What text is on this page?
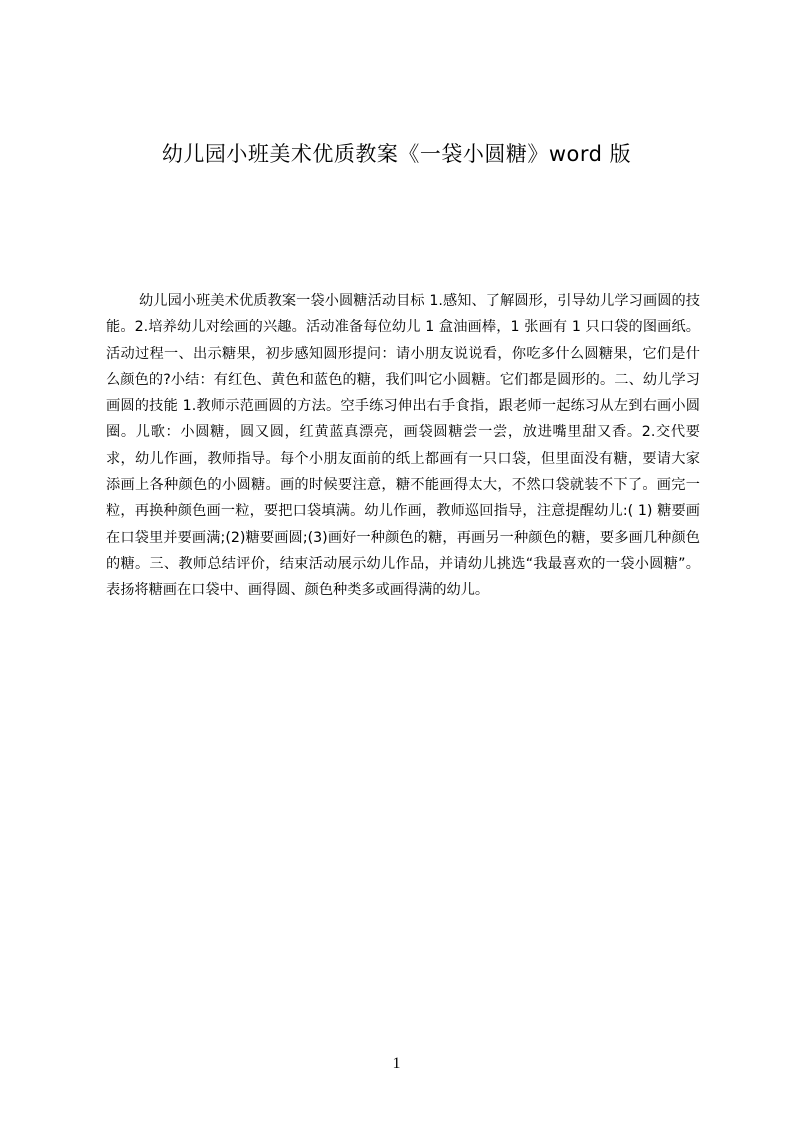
幼儿园小班美术优质教案《一袋小圆糖》word 版

幼儿园小班美术优质教案一袋小圆糖活动目标 1.感知、了解圆形，引导幼儿学习画圆的技能。2.培养幼儿对绘画的兴趣。活动准备每位幼儿 1 盒油画棒，1 张画有 1 只口袋的图画纸。活动过程一、出示糖果，初步感知圆形提问：请小朋友说说看，你吃多什么圆糖果，它们是什么颜色的?小结：有红色、黄色和蓝色的糖，我们叫它小圆糖。它们都是圆形的。二、幼儿学习画圆的技能 1.教师示范画圆的方法。空手练习伸出右手食指，跟老师一起练习从左到右画小圆圈。儿歌：小圆糖，圆又圆，红黄蓝真漂亮，画袋圆糖尝一尝，放进嘴里甜又香。2.交代要求，幼儿作画，教师指导。每个小朋友面前的纸上都画有一只口袋，但里面没有糖，要请大家添画上各种颜色的小圆糖。画的时候要注意，糖不能画得太大，不然口袋就装不下了。画完一粒，再换种颜色画一粒，要把口袋填满。幼儿作画，教师巡回指导，注意提醒幼儿:( 1) 糖要画在口袋里并要画满;(2)糖要画圆;(3)画好一种颜色的糖，再画另一种颜色的糖，要多画几种颜色的糖。三、教师总结评价，结束活动展示幼儿作品，并请幼儿挑选“我最喜欢的一袋小圆糖”。表扬将糖画在口袋中、画得圆、颜色种类多或画得满的幼儿。

1
